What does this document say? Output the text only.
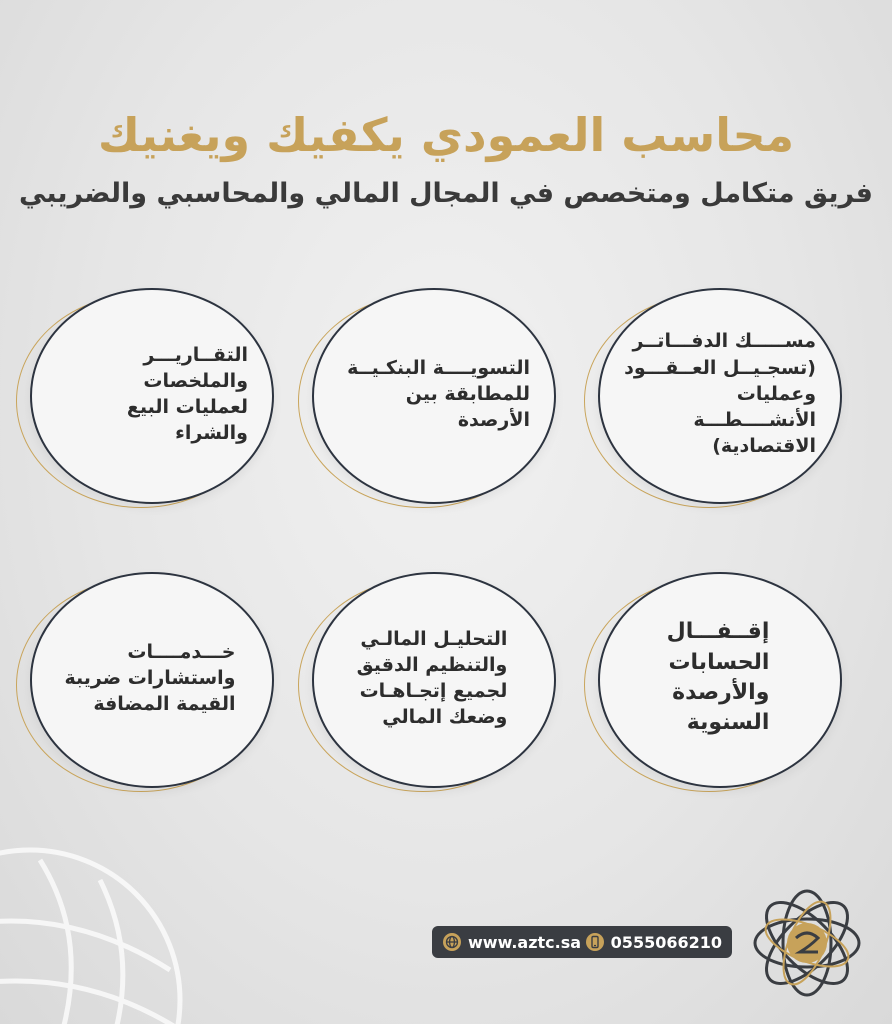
محاسب العمودي يكفيك ويغنيك
فريق متكامل ومتخصص في المجال المالي والمحاسبي والضريبي
مســـــك الدفـــاتــر
(تسجـيــل العــقـــود
وعمليات الأنشــــطـــة
الاقتصادية)
التسويــــة البنكـيــة
للمطابقة بين الأرصدة
التقــاريـــر والملخصات
لعمليات البيع والشراء
إقــفـــال
الحسابات
والأرصدة
السنوية
التحليـل المالـي
والتنظيم الدقيق
لجميع إتجـاهـات
وضعك المالي
خـــدمــــات
واستشارات ضريبة
القيمة المضافة
www.aztc.sa 0555066210
